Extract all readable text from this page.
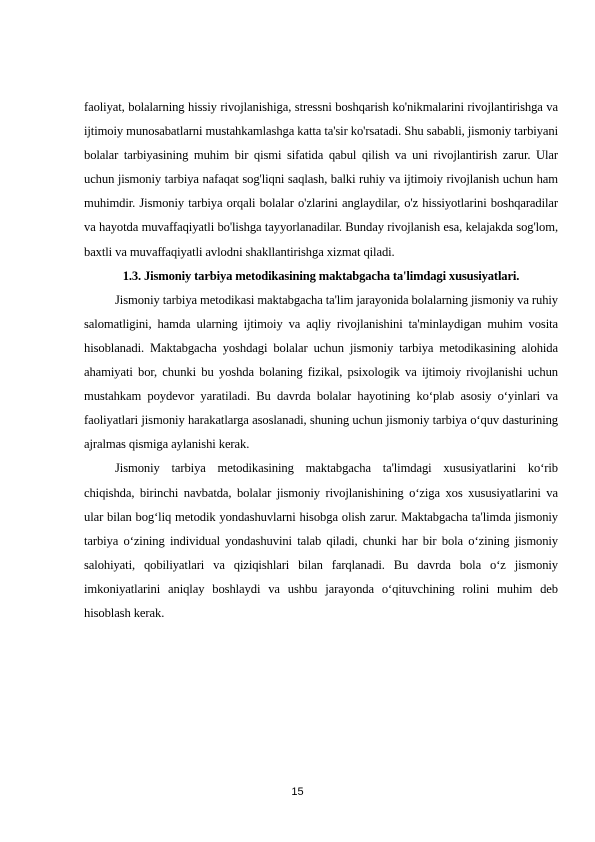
faoliyat, bolalarning hissiy rivojlanishiga, stressni boshqarish ko'nikmalarini rivojlantirishga va ijtimoiy munosabatlarni mustahkamlashga katta ta'sir ko'rsatadi. Shu sababli, jismoniy tarbiyani bolalar tarbiyasining muhim bir qismi sifatida qabul qilish va uni rivojlantirish zarur. Ular uchun jismoniy tarbiya nafaqat sog'liqni saqlash, balki ruhiy va ijtimoiy rivojlanish uchun ham muhimdir. Jismoniy tarbiya orqali bolalar o'zlarini anglaydilar, o'z hissiyotlarini boshqaradilar va hayotda muvaffaqiyatli bo'lishga tayyorlanadilar. Bunday rivojlanish esa, kelajakda sog'lom, baxtli va muvaffaqiyatli avlodni shakllantirishga xizmat qiladi.

1.3. Jismoniy tarbiya metodikasining maktabgacha ta'limdagi xususiyatlari.

Jismoniy tarbiya metodikasi maktabgacha ta'lim jarayonida bolalarning jismoniy va ruhiy salomatligini, hamda ularning ijtimoiy va aqliy rivojlanishini ta'minlaydigan muhim vosita hisoblanadi. Maktabgacha yoshdagi bolalar uchun jismoniy tarbiya metodikasining alohida ahamiyati bor, chunki bu yoshda bolaning fizikal, psixologik va ijtimoiy rivojlanishi uchun mustahkam poydevor yaratiladi. Bu davrda bolalar hayotining ko‘plab asosiy o‘yinlari va faoliyatlari jismoniy harakatlarga asoslanadi, shuning uchun jismoniy tarbiya o‘quv dasturining ajralmas qismiga aylanishi kerak.

Jismoniy tarbiya metodikasining maktabgacha ta'limdagi xususiyatlarini ko‘rib chiqishda, birinchi navbatda, bolalar jismoniy rivojlanishining o‘ziga xos xususiyatlarini va ular bilan bog‘liq metodik yondashuvlarni hisobga olish zarur. Maktabgacha ta'limda jismoniy tarbiya o‘zining individual yondashuvini talab qiladi, chunki har bir bola o‘zining jismoniy salohiyati, qobiliyatlari va qiziqishlari bilan farqlanadi. Bu davrda bola o‘z jismoniy imkoniyatlarini aniqlay boshlaydi va ushbu jarayonda o‘qituvchining rolini muhim deb hisoblash kerak.

15
